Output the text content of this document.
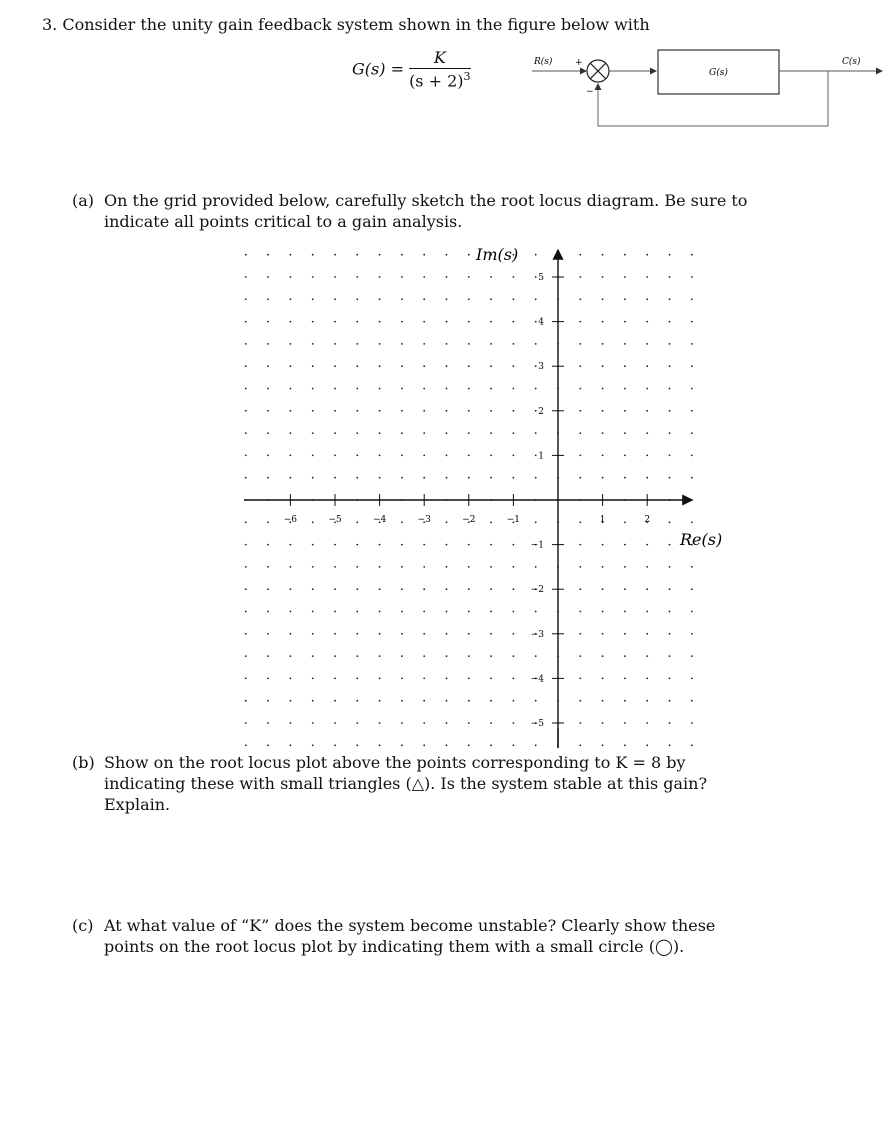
3. Consider the unity gain feedback system shown in the figure below with
$G(s) = \frac{K}{(s + 2)^3}$	R(s)	+
−
G(s)
C(s)
(a) On the grid provided below, carefully sketch the root locus diagram. Be sure to indicate all points critical to a gain analysis.
−6	−5	−4	−3	−2	−1	1	2
5
4
3
2
1
−1
−2
−3
−4
−5
Im(s)
Re(s)
(b) Show on the root locus plot above the points corresponding to K = 8 by indicating these with small triangles (△). Is the system stable at this gain? Explain.
(c) At what value of “K” does the system become unstable? Clearly show these points on the root locus plot by indicating them with a small circle (◯).
